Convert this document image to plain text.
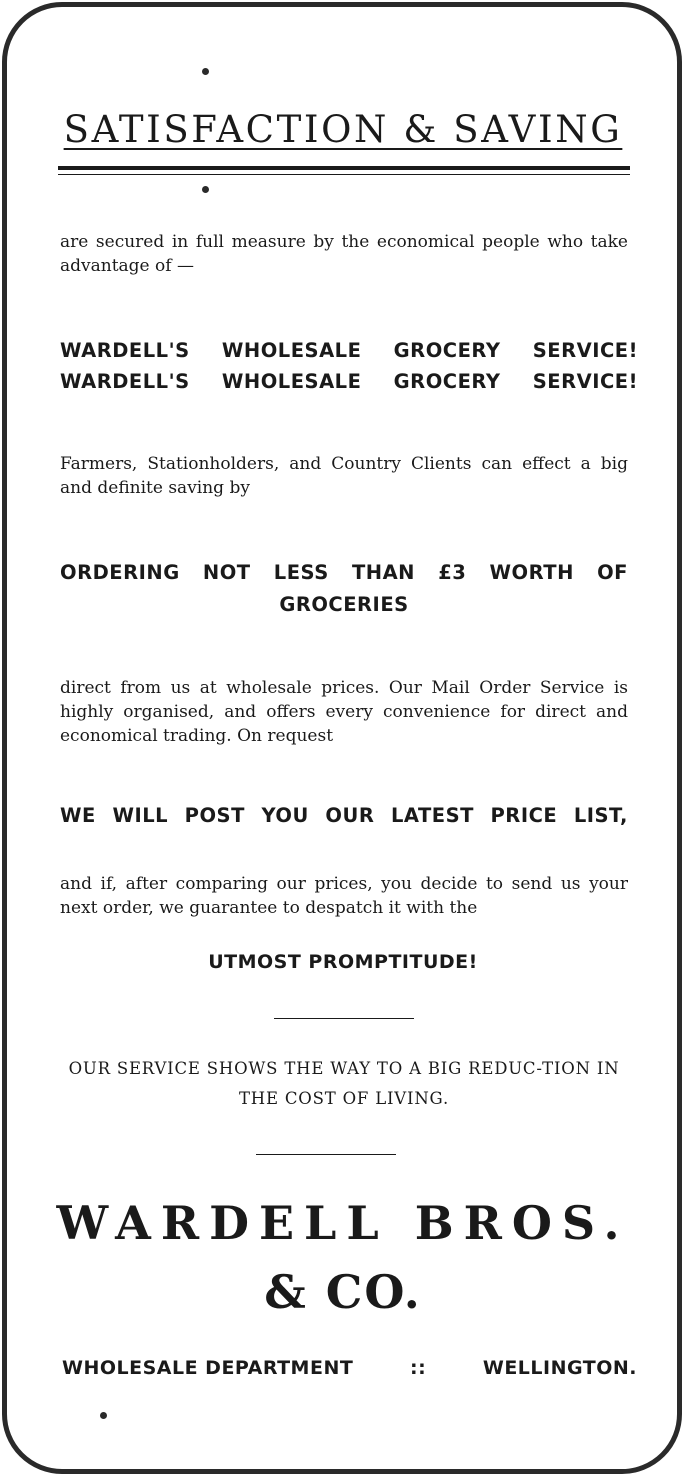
SATISFACTION & SAVING
are secured in full measure by the economical people who take advantage of —
WARDELL'S WHOLESALE GROCERY SERVICE!
WARDELL'S WHOLESALE GROCERY SERVICE!
Farmers, Stationholders, and Country Clients can effect a big and definite saving by
ORDERING NOT LESS THAN £3 WORTH OF GROCERIES
direct from us at wholesale prices. Our Mail Order Service is highly organised, and offers every convenience for direct and economical trading. On request
WE WILL POST YOU OUR LATEST PRICE LIST,
and if, after comparing our prices, you decide to send us your next order, we guarantee to despatch it with the
UTMOST PROMPTITUDE!
OUR SERVICE SHOWS THE WAY TO A BIG REDUC-TION IN THE COST OF LIVING.
WARDELL BROS.
& CO.
WHOLESALE DEPARTMENT	::	WELLINGTON.
